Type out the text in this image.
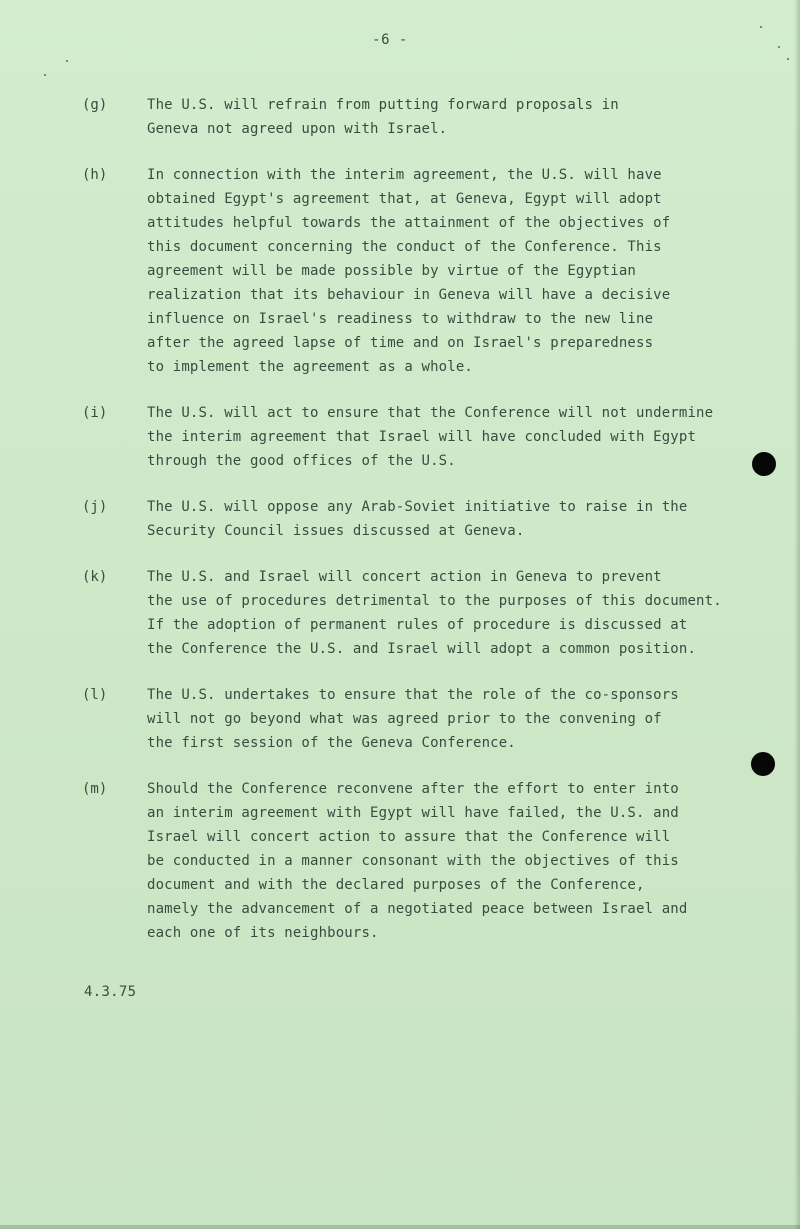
-6 -
(g)	The U.S. will refrain from putting forward proposals in
Geneva not agreed upon with Israel.
(h)	In connection with the interim agreement, the U.S. will have
obtained Egypt's agreement that, at Geneva, Egypt will adopt
attitudes helpful towards the attainment of the objectives of
this document concerning the conduct of the Conference. This
agreement will be made possible by virtue of the Egyptian
realization that its behaviour in Geneva will have a decisive
influence on Israel's readiness to withdraw to the new line
after the agreed lapse of time and on Israel's preparedness
to implement the agreement as a whole.
(i)	The U.S. will act to ensure that the Conference will not undermine
the interim agreement that Israel will have concluded with Egypt
through the good offices of the U.S.
(j)	The U.S. will oppose any Arab-Soviet initiative to raise in the
Security Council issues discussed at Geneva.
(k)	The U.S. and Israel will concert action in Geneva to prevent
the use of procedures detrimental to the purposes of this document.
If the adoption of permanent rules of procedure is discussed at
the Conference the U.S. and Israel will adopt a common position.
(l)	The U.S. undertakes to ensure that the role of the co-sponsors
will not go beyond what was agreed prior to the convening of
the first session of the Geneva Conference.
(m)	Should the Conference reconvene after the effort to enter into
an interim agreement with Egypt will have failed, the U.S. and
Israel will concert action to assure that the Conference will
be conducted in a manner consonant with the objectives of this
document and with the declared purposes of the Conference,
namely the advancement of a negotiated peace between Israel and
each one of its neighbours.
4.3.75
